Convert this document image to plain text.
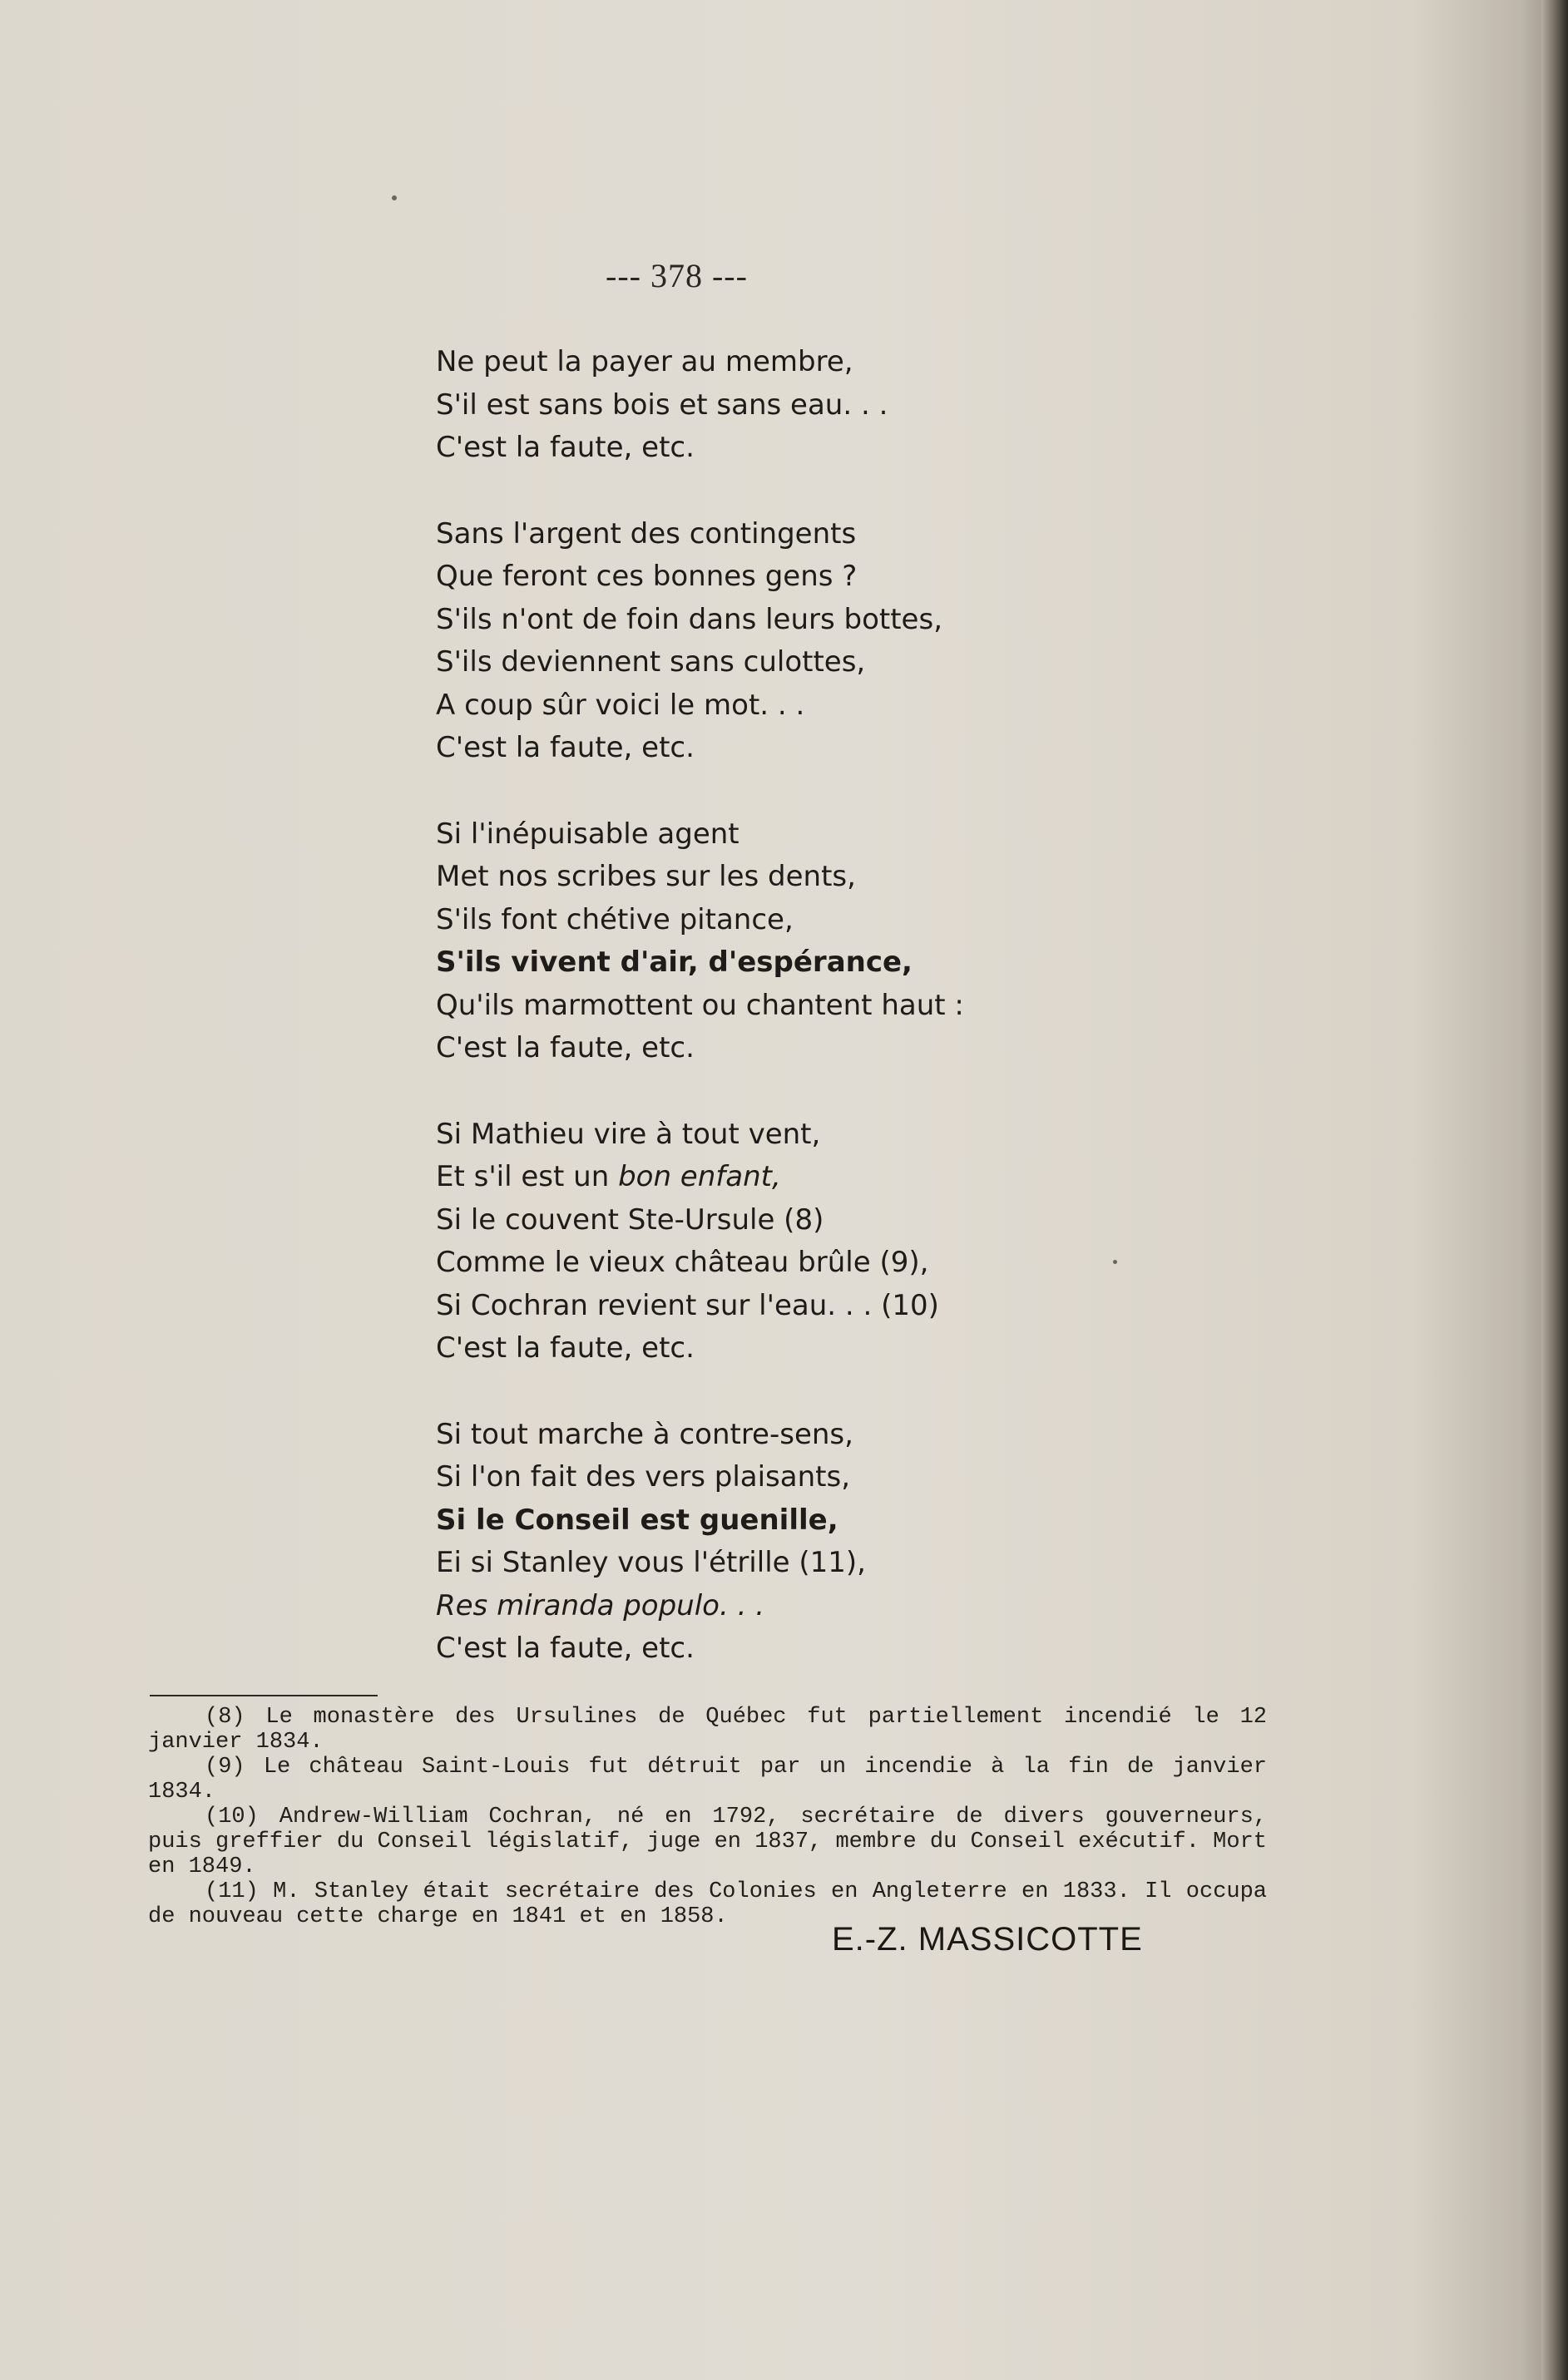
--- 378 ---
Ne peut la payer au membre,
S'il est sans bois et sans eau. . .
C'est la faute, etc.
Sans l'argent des contingents
Que feront ces bonnes gens ?
S'ils n'ont de foin dans leurs bottes,
S'ils deviennent sans culottes,
A coup sûr voici le mot. . .
C'est la faute, etc.
Si l'inépuisable agent
Met nos scribes sur les dents,
S'ils font chétive pitance,
S'ils vivent d'air, d'espérance,
Qu'ils marmottent ou chantent haut :
C'est la faute, etc.
Si Mathieu vire à tout vent,
Et s'il est un bon enfant,
Si le couvent Ste-Ursule (8)
Comme le vieux château brûle (9),
Si Cochran revient sur l'eau. . . (10)
C'est la faute, etc.
Si tout marche à contre-sens,
Si l'on fait des vers plaisants,
Si le Conseil est guenille,
Ei si Stanley vous l'étrille (11),
Res miranda populo. . .
C'est la faute, etc.

(8) Le monastère des Ursulines de Québec fut partiellement incendié le 12 janvier 1834.

(9) Le château Saint-Louis fut détruit par un incendie à la fin de janvier 1834.

(10) Andrew-William Cochran, né en 1792, secrétaire de divers gouverneurs, puis greffier du Conseil législatif, juge en 1837, membre du Conseil exécutif. Mort en 1849.

(11) M. Stanley était secrétaire des Colonies en Angleterre en 1833. Il occupa de nouveau cette charge en 1841 et en 1858.

E.-Z. MASSICOTTE
